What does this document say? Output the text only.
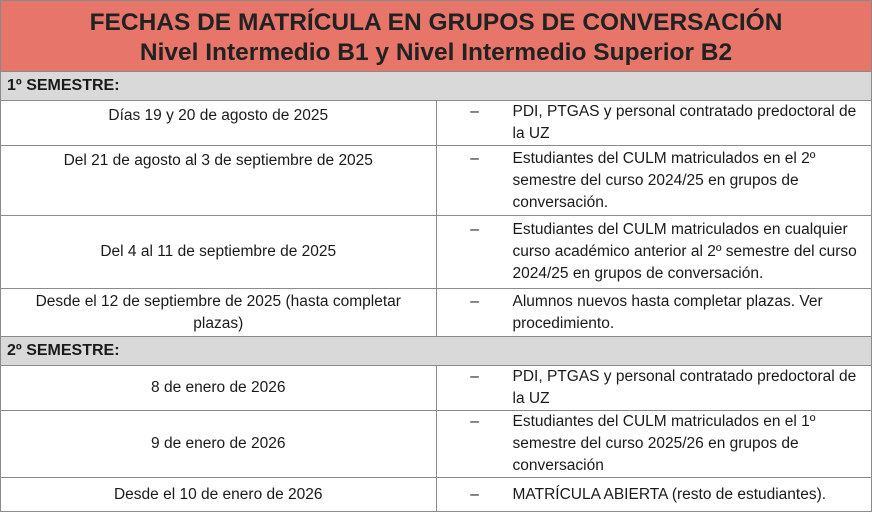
FECHAS DE MATRÍCULA EN GRUPOS DE CONVERSACIÓN
Nivel Intermedio B1 y Nivel Intermedio Superior B2	

1º SEMESTRE:	
Días 19 y 20 de agosto de 2025	– PDI, PTGAS y personal contratado predoctoral de la UZ

Del 21 de agosto al 3 de septiembre de 2025	– Estudiantes del CULM matriculados en el 2º semestre del curso 2024/25 en grupos de conversación.

Del 4 al 11 de septiembre de 2025	– Estudiantes del CULM matriculados en cualquier curso académico anterior al 2º semestre del curso 2024/25 en grupos de conversación.

Desde el 12 de septiembre de 2025 (hasta completar plazas)	– Alumnos nuevos hasta completar plazas. Ver procedimiento.

2º SEMESTRE:	
8 de enero de 2026	– PDI, PTGAS y personal contratado predoctoral de la UZ

9 de enero de 2026	– Estudiantes del CULM matriculados en el 1º semestre del curso 2025/26 en grupos de conversación

Desde el 10 de enero de 2026	– MATRÍCULA ABIERTA (resto de estudiantes).
